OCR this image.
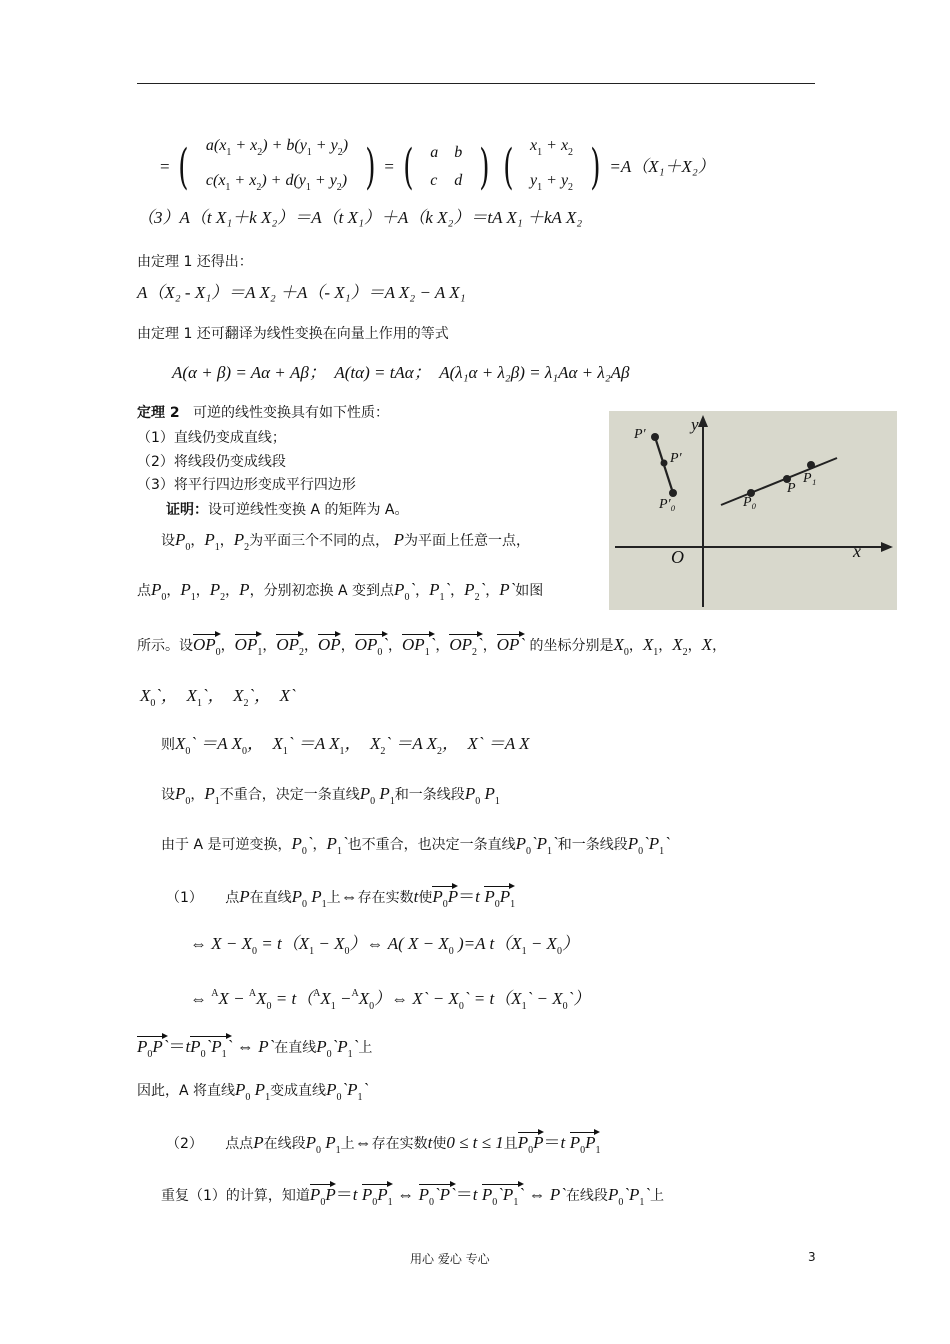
= ( $a(x_1 + x_2) + b(y_1 + y_2)$
$c(x_1 + x_2) + d(y_1 + y_2)$ ) = ( a	b
c	d ) ( $x_1 + x_2$
$y_1 + y_2$ ) =A（X₁＋X₂）
（3）A（t X₁＋k X₂）＝A（t X₁）＋A（k X₂）＝tA X₁ ＋kA X₂
由定理 1 还得出：
A（X₂ - X₁）＝A X₂ ＋A（- X₁）＝A X₂ − A X₁
由定理 1 还可翻译为线性变换在向量上作用的等式
A(α + β) = Aα + Aβ； A(tα) = tAα； A(λ₁α + λ₂β) = λ₁Aα + λ₂Aβ
定理 2 可逆的线性变换具有如下性质：
（1）直线仍变成直线；
（2）将线段仍变成线段
（3）将平行四边形变成平行四边形
证明：设可逆线性变换 A 的矩阵为 A。
设$P_0$，$P_1$，$P_2$为平面三个不同的点， P为平面上任意一点，
点$P_0$，$P_1$，$P_2$，P，分别初恋换 A 变到点$P_0`$，$P_1`$，$P_2`$，P`如图
y
x
O
P′
P′
P′₀	P₀
P
P₁
所示。设$OP_0$，$OP_1$，$OP_2$，OP，$OP_0`$，$OP_1`$，$OP_2`$，OP` 的坐标分别是$X_0$，$X_1$，$X_2$，X，
$X_0`$，  $X_1`$，  $X_2`$，  X`
则$X_0` =A$ $X_0$，  $X_1` =A$ $X_1$，  $X_2` =A$ $X_2$，  X` ＝A X
设$P_0$，$P_1$不重合，决定一条直线$P_0$ $P_1$和一条线段$P_0$ $P_1$
由于 A 是可逆变换，$P_0`$，$P_1`$也不重合，也决定一条直线$P_0`P_1`$和一条线段$P_0`P_1`$
（1） 点P在直线$P_0$ $P_1$上⇔存在实数t使$P_0P=t$ $P_0P_1$
⇔ $X - X_0 = t(X_1$ − $X_0)\Leftrightarrow$ A( $X - X_0$ )=A $t(X_1 - X_0)$
⇔ $^AX - ^AX_0 = t(^AX_1$ $-^AX_0)\Leftrightarrow$ X` − $X_0`$ = $t(X_1`$ − $X_0`$）
$P_0P`=tP_0`P_1`$ ⇔ P`在直线$P_0`P_1`$上
因此，A 将直线$P_0$ $P_1$变成直线$P_0`P_1`$
（2） 点点P在线段$P_0$ $P_1$上⇔存在实数t使0 ≤ t ≤ 1且$P_0P=t$ $P_0P_1$
重复（1）的计算，知道$P_0P=t$ $P_0P_1$ ⇔ $P_0`P`=t$ $P_0`P_1`$ ⇔ P`在线段$P_0`P_1`$上
用心 爱心 专心	3
